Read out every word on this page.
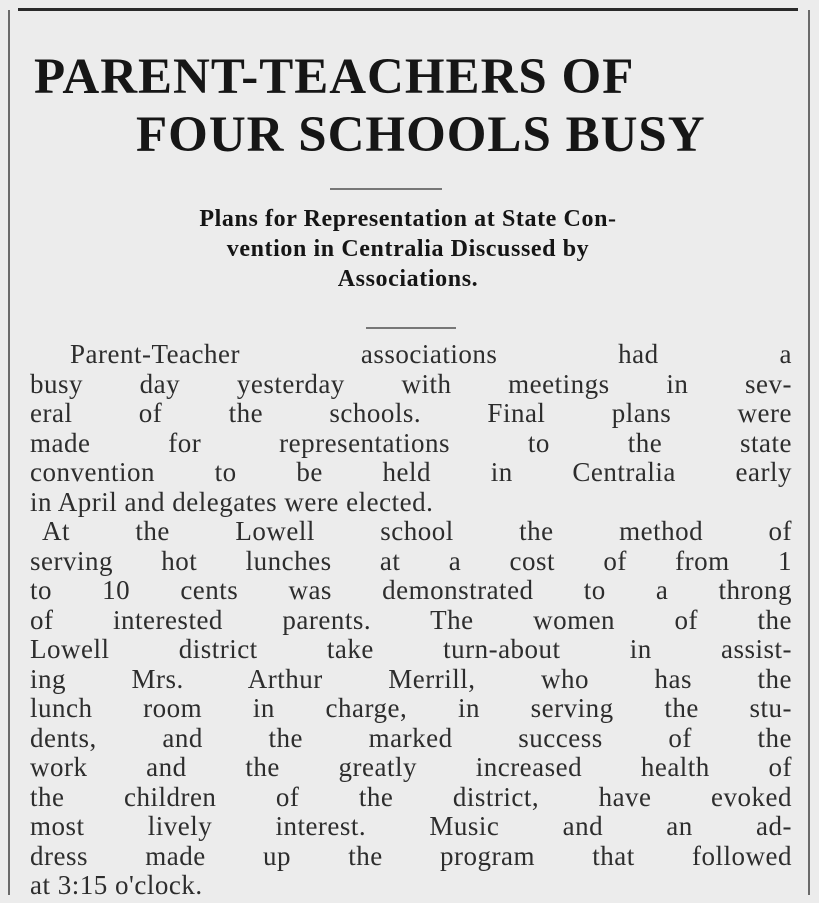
PARENT-TEACHERS OF
FOUR SCHOOLS BUSY
Plans for Representation at State Con-
vention in Centralia Discussed by
Associations.
Parent-Teacher associations had a
busy day yesterday with meetings in sev-
eral of the schools. Final plans were
made for representations to the state
convention to be held in Centralia early
in April and delegates were elected.
At the Lowell school the method of
serving hot lunches at a cost of from 1
to 10 cents was demonstrated to a throng
of interested parents. The women of the
Lowell district take turn-about in assist-
ing Mrs. Arthur Merrill, who has the
lunch room in charge, in serving the stu-
dents, and the marked success of the
work and the greatly increased health of
the children of the district, have evoked
most lively interest. Music and an ad-
dress made up the program that followed
at 3:15 o'clock.
